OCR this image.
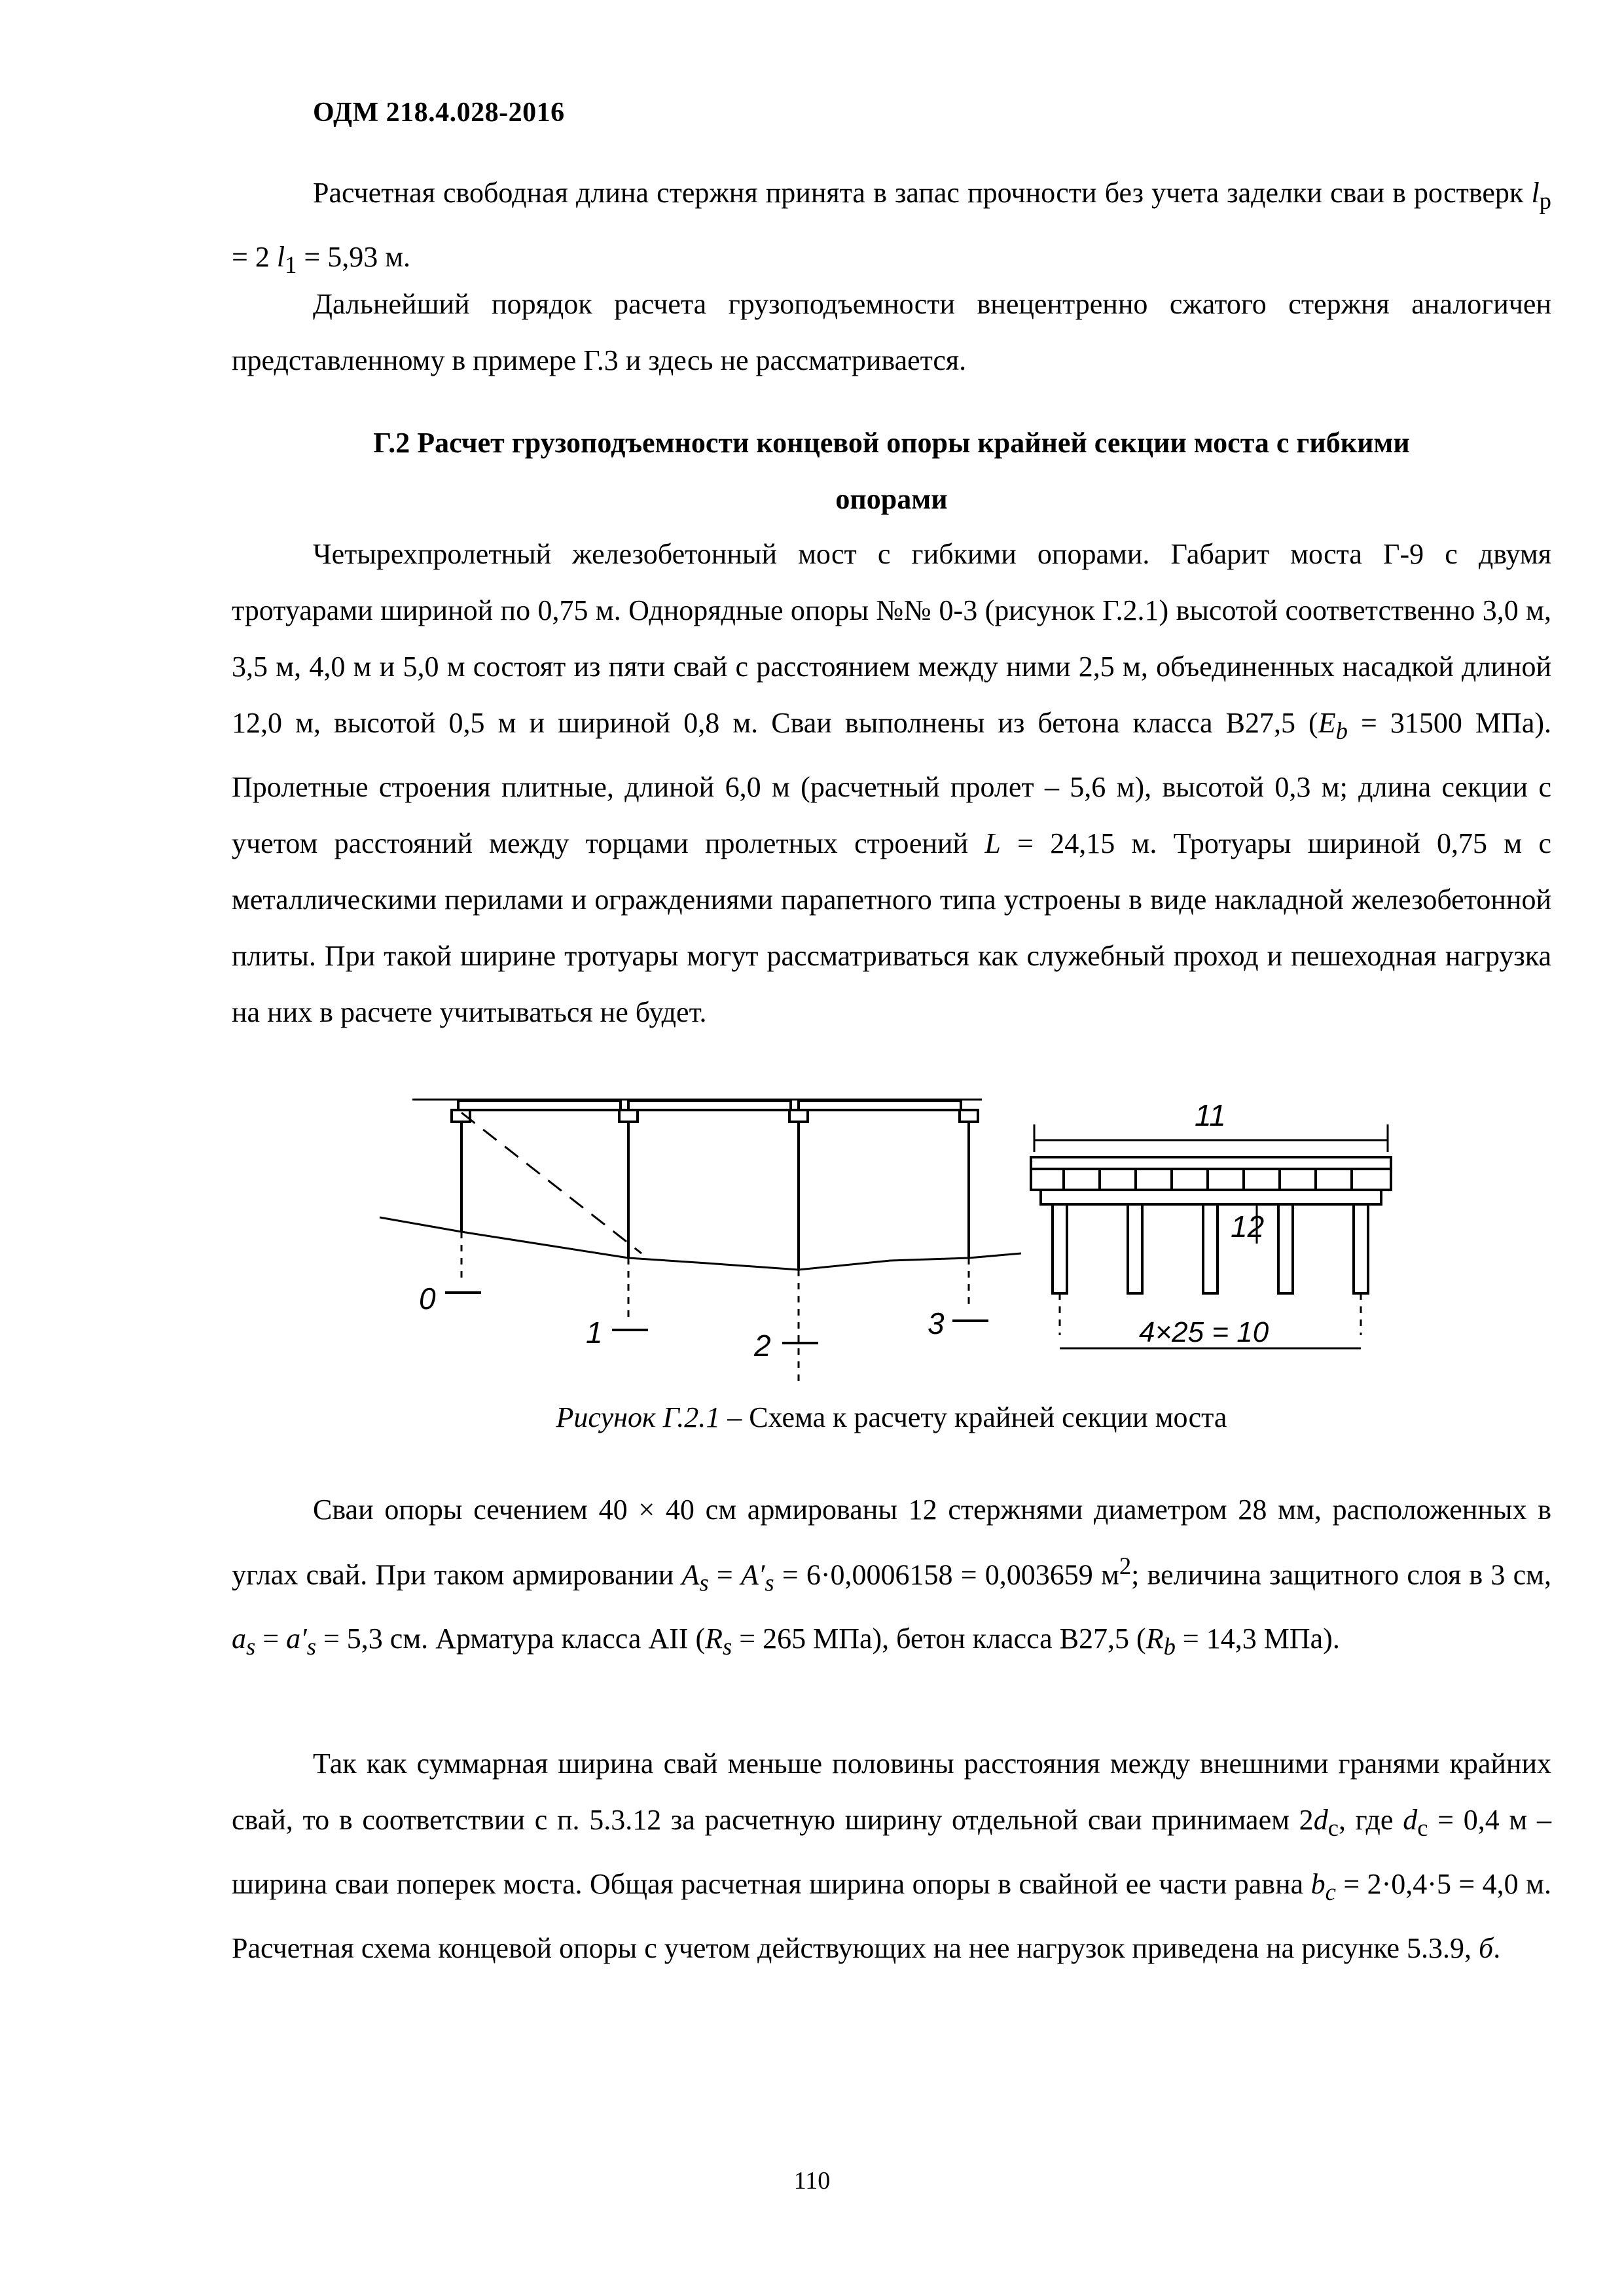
ОДМ 218.4.028-2016

Расчетная свободная длина стержня принята в запас прочности без учета заделки сваи в ростверк $l_р = 2$ $l_1 = 5,93$ м.

Дальнейший порядок расчета грузоподъемности внецентренно сжатого стержня аналогичен представленному в примере Г.3 и здесь не рассматривается.

Г.2 Расчет грузоподъемности концевой опоры крайней секции моста с гибкими
опорами

Четырехпролетный железобетонный мост с гибкими опорами. Габарит моста Г-9 с двумя тротуарами шириной по 0,75 м. Однорядные опоры №№ 0-3 (рисунок Г.2.1) высотой соответственно 3,0 м, 3,5 м, 4,0 м и 5,0 м состоят из пяти свай с расстоянием между ними 2,5 м, объединенных насадкой длиной 12,0 м, высотой 0,5 м и шириной 0,8 м. Сваи выполнены из бетона класса В27,5 ($E_b = 31500$ МПа). Пролетные строения плитные, длиной 6,0 м (расчетный пролет – 5,6 м), высотой 0,3 м; длина секции с учетом расстояний между торцами пролетных строений L = 24,15 м. Тротуары шириной 0,75 м с металлическими перилами и ограждениями парапетного типа устроены в виде накладной железобетонной плиты. При такой ширине тротуары могут рассматриваться как служебный проход и пешеходная нагрузка на них в расчете учитываться не будет.

0
1	2
3
11
12
4×25 = 10
Рисунок Г.2.1 – Схема к расчету крайней секции моста

Сваи опоры сечением 40 × 40 см армированы 12 стержнями диаметром 28 мм, расположенных в углах свай. При таком армировании $A_s = A'_s = 6\cdot 0,0006158 = 0,003659$ $м^2$; величина защитного слоя в 3 см, $a_s = a'_s = 5,3$ см. Арматура класса АII ($R_s = 265$ МПа), бетон класса В27,5 ($R_b = 14,3$ МПа).

Так как суммарная ширина свай меньше половины расстояния между внешними гранями крайних свай, то в соответствии с п. 5.3.12 за расчетную ширину отдельной сваи принимаем $2d_c$, где $d_c = 0,4$ м – ширина сваи поперек моста. Общая расчетная ширина опоры в свайной ее части равна $b_c = 2\cdot 0,4\cdot 5 = 4,0$ м. Расчетная схема концевой опоры с учетом действующих на нее нагрузок приведена на рисунке 5.3.9, б.

110
